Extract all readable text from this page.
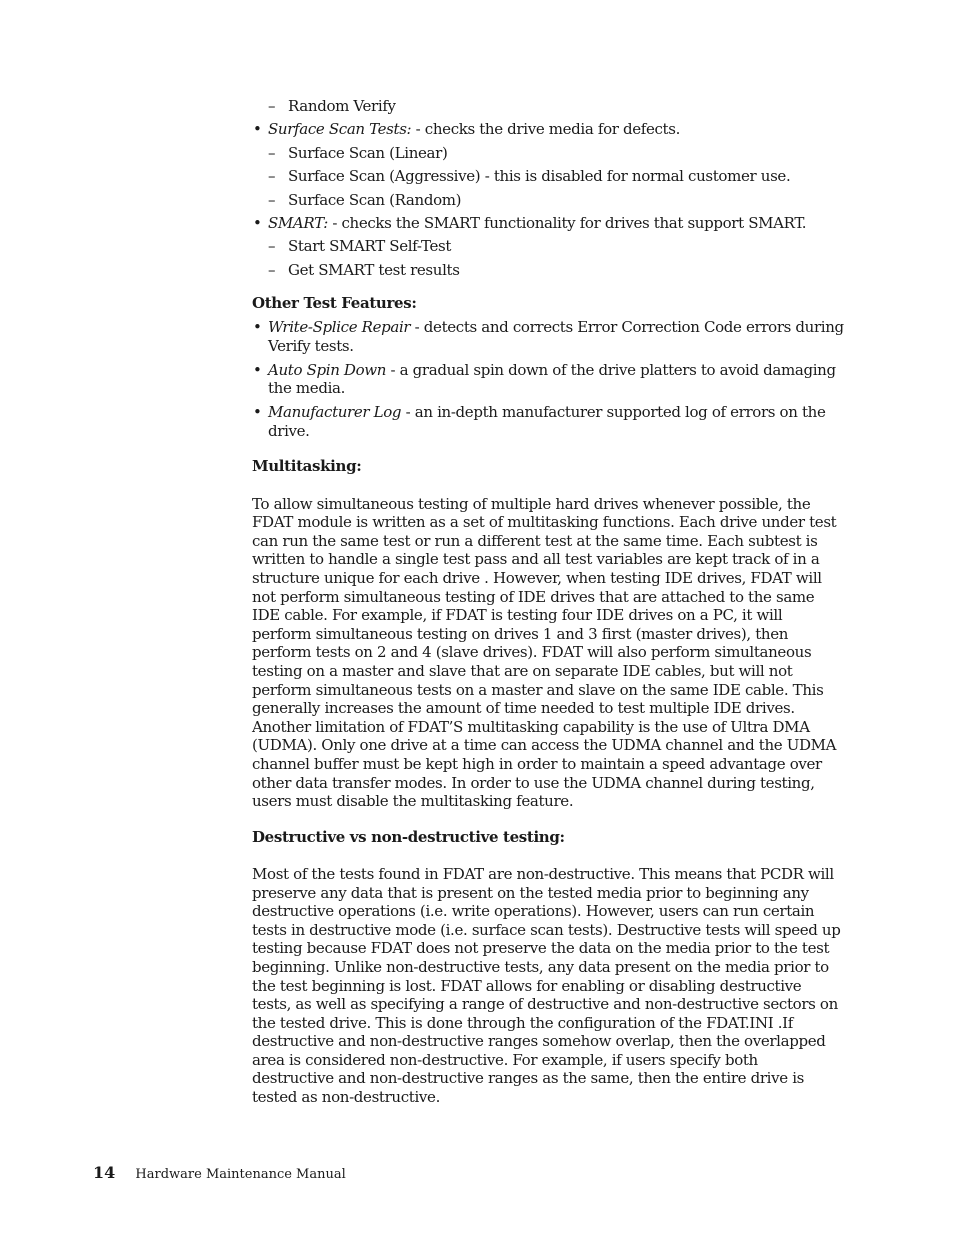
– Random Verify
• Surface Scan Tests: - checks the drive media for defects.
– Surface Scan (Linear)
– Surface Scan (Aggressive) - this is disabled for normal customer use.
– Surface Scan (Random)
• SMART: - checks the SMART functionality for drives that support SMART.
– Start SMART Self-Test
– Get SMART test results
Other Test Features:
• Write-Splice Repair - detects and corrects Error Correction Code errors during Verify tests.
• Auto Spin Down - a gradual spin down of the drive platters to avoid damaging the media.
• Manufacturer Log - an in-depth manufacturer supported log of errors on the drive.
Multitasking:

To allow simultaneous testing of multiple hard drives whenever possible, the FDAT module is written as a set of multitasking functions. Each drive under test can run the same test or run a different test at the same time. Each subtest is written to handle a single test pass and all test variables are kept track of in a structure unique for each drive . However, when testing IDE drives, FDAT will not perform simultaneous testing of IDE drives that are attached to the same IDE cable. For example, if FDAT is testing four IDE drives on a PC, it will perform simultaneous testing on drives 1 and 3 first (master drives), then perform tests on 2 and 4 (slave drives). FDAT will also perform simultaneous testing on a master and slave that are on separate IDE cables, but will not perform simultaneous tests on a master and slave on the same IDE cable. This generally increases the amount of time needed to test multiple IDE drives. Another limitation of FDAT’S multitasking capability is the use of Ultra DMA (UDMA). Only one drive at a time can access the UDMA channel and the UDMA channel buffer must be kept high in order to maintain a speed advantage over other data transfer modes. In order to use the UDMA channel during testing, users must disable the multitasking feature.

Destructive vs non-destructive testing:

Most of the tests found in FDAT are non-destructive. This means that PCDR will preserve any data that is present on the tested media prior to beginning any destructive operations (i.e. write operations). However, users can run certain tests in destructive mode (i.e. surface scan tests). Destructive tests will speed up testing because FDAT does not preserve the data on the media prior to the test beginning. Unlike non-destructive tests, any data present on the media prior to the test beginning is lost. FDAT allows for enabling or disabling destructive tests, as well as specifying a range of destructive and non-destructive sectors on the tested drive. This is done through the configuration of the FDAT.INI .If destructive and non-destructive ranges somehow overlap, then the overlapped area is considered non-destructive. For example, if users specify both destructive and non-destructive ranges as the same, then the entire drive is tested as non-destructive.

14 Hardware Maintenance Manual
